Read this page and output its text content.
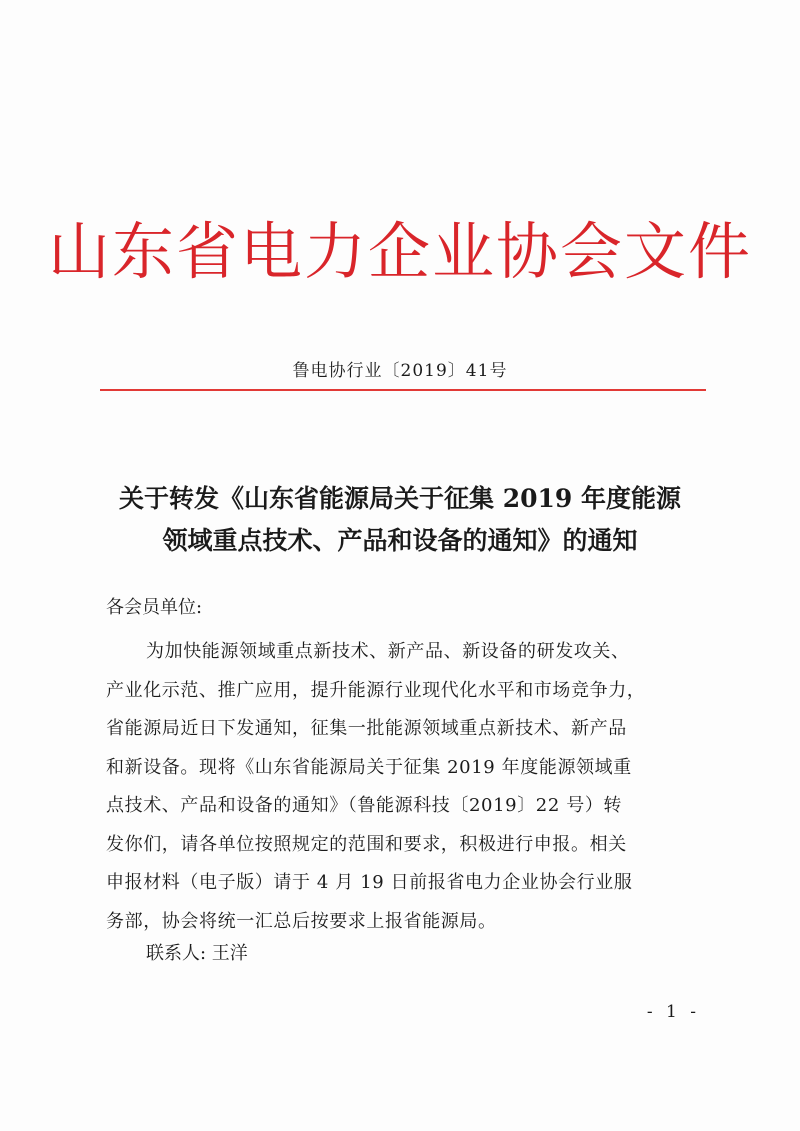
山东省电力企业协会文件
鲁电协行业〔2019〕41号
关于转发《山东省能源局关于征集 2019 年度能源
领域重点技术、产品和设备的通知》的通知
各会员单位:
为加快能源领域重点新技术、新产品、新设备的研发攻关、
产业化示范、推广应用，提升能源行业现代化水平和市场竞争力，
省能源局近日下发通知，征集一批能源领域重点新技术、新产品
和新设备。现将《山东省能源局关于征集 2019 年度能源领域重
点技术、产品和设备的通知》（鲁能源科技〔2019〕22 号）转
发你们，请各单位按照规定的范围和要求，积极进行申报。相关
申报材料（电子版）请于 4 月 19 日前报省电力企业协会行业服
务部，协会将统一汇总后按要求上报省能源局。
联系人: 王洋
- 1 -
